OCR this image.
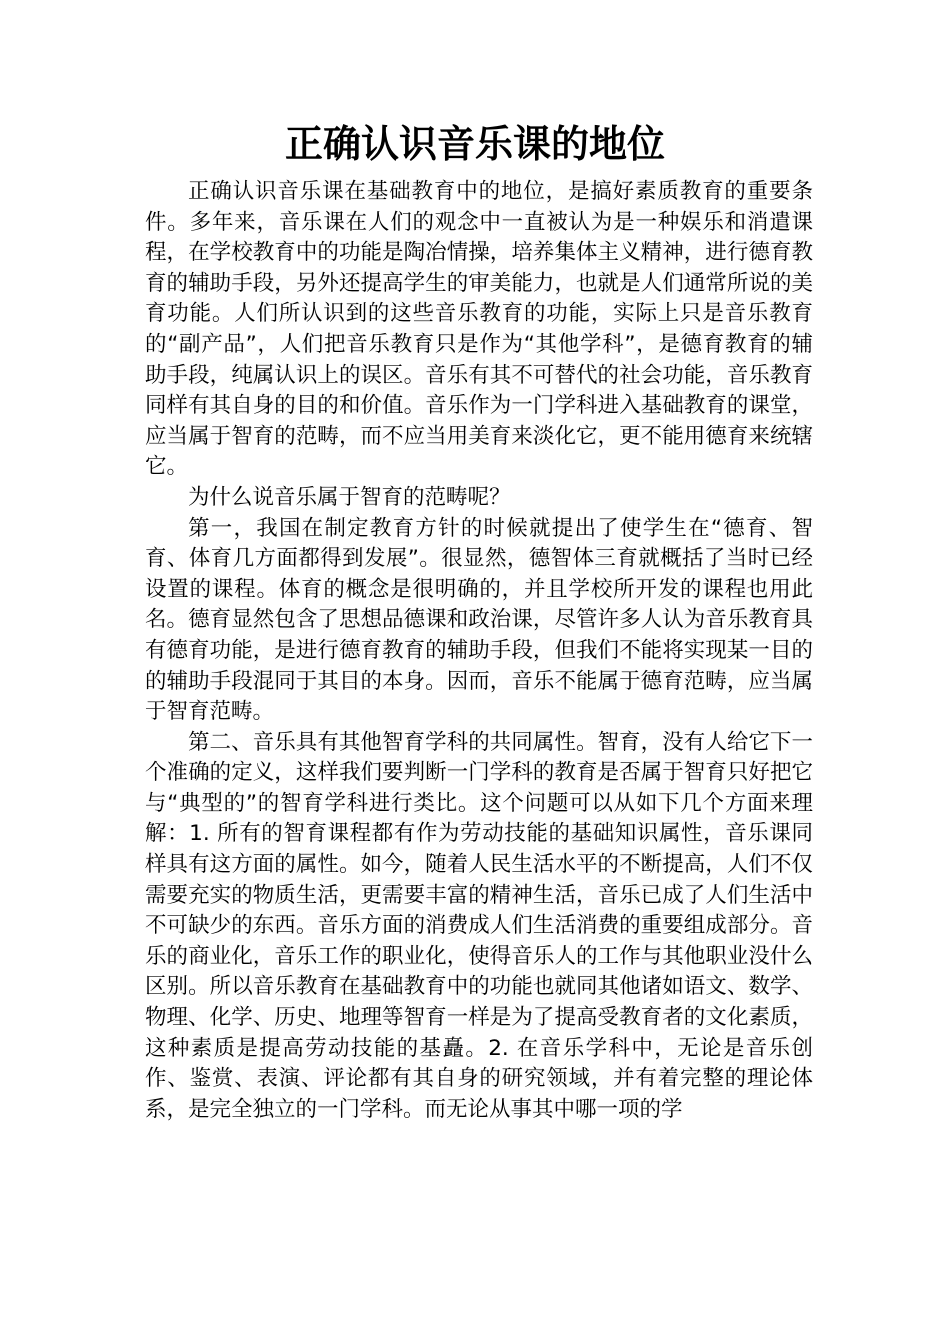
正确认识音乐课的地位

正确认识音乐课在基础教育中的地位，是搞好素质教育的重要条件。多年来，音乐课在人们的观念中一直被认为是一种娱乐和消遣课程，在学校教育中的功能是陶冶情操，培养集体主义精神，进行德育教育的辅助手段，另外还提高学生的审美能力，也就是人们通常所说的美育功能。人们所认识到的这些音乐教育的功能，实际上只是音乐教育的“副产品”，人们把音乐教育只是作为“其他学科”，是德育教育的辅助手段，纯属认识上的误区。音乐有其不可替代的社会功能，音乐教育同样有其自身的目的和价值。音乐作为一门学科进入基础教育的课堂，应当属于智育的范畴，而不应当用美育来淡化它，更不能用德育来统辖它。

为什么说音乐属于智育的范畴呢？

第一，我国在制定教育方针的时候就提出了使学生在“德育、智育、体育几方面都得到发展”。很显然，德智体三育就概括了当时已经设置的课程。体育的概念是很明确的，并且学校所开发的课程也用此名。德育显然包含了思想品德课和政治课，尽管许多人认为音乐教育具有德育功能，是进行德育教育的辅助手段，但我们不能将实现某一目的的辅助手段混同于其目的本身。因而，音乐不能属于德育范畴，应当属于智育范畴。

第二、音乐具有其他智育学科的共同属性。智育，没有人给它下一个准确的定义，这样我们要判断一门学科的教育是否属于智育只好把它与“典型的”的智育学科进行类比。这个问题可以从如下几个方面来理解：1. 所有的智育课程都有作为劳动技能的基础知识属性，音乐课同样具有这方面的属性。如今，随着人民生活水平的不断提高，人们不仅需要充实的物质生活，更需要丰富的精神生活，音乐已成了人们生活中不可缺少的东西。音乐方面的消费成人们生活消费的重要组成部分。音乐的商业化，音乐工作的职业化，使得音乐人的工作与其他职业没什么区别。所以音乐教育在基础教育中的功能也就同其他诸如语文、数学、物理、化学、历史、地理等智育一样是为了提高受教育者的文化素质，这种素质是提高劳动技能的基矗。2. 在音乐学科中，无论是音乐创作、鉴赏、表演、评论都有其自身的研究领域，并有着完整的理论体系，是完全独立的一门学科。而无论从事其中哪一项的学
